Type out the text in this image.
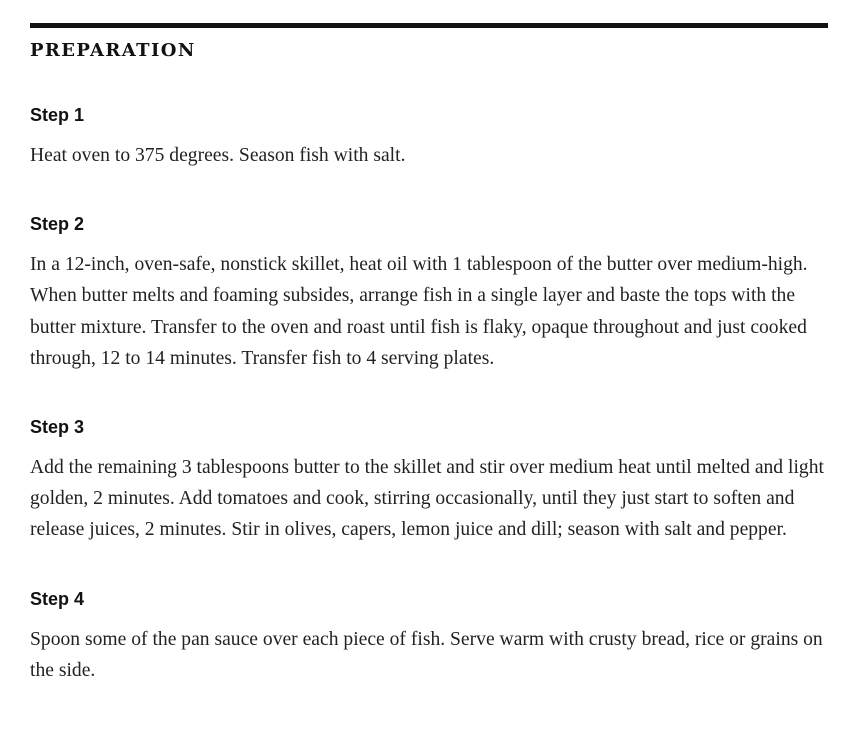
PREPARATION
Step 1

Heat oven to 375 degrees. Season fish with salt.

Step 2

In a 12-inch, oven-safe, nonstick skillet, heat oil with 1 tablespoon of the butter over medium-high. When butter melts and foaming subsides, arrange fish in a single layer and baste the tops with the butter mixture. Transfer to the oven and roast until fish is flaky, opaque throughout and just cooked through, 12 to 14 minutes. Transfer fish to 4 serving plates.

Step 3

Add the remaining 3 tablespoons butter to the skillet and stir over medium heat until melted and light golden, 2 minutes. Add tomatoes and cook, stirring occasionally, until they just start to soften and release juices, 2 minutes. Stir in olives, capers, lemon juice and dill; season with salt and pepper.

Step 4

Spoon some of the pan sauce over each piece of fish. Serve warm with crusty bread, rice or grains on the side.
